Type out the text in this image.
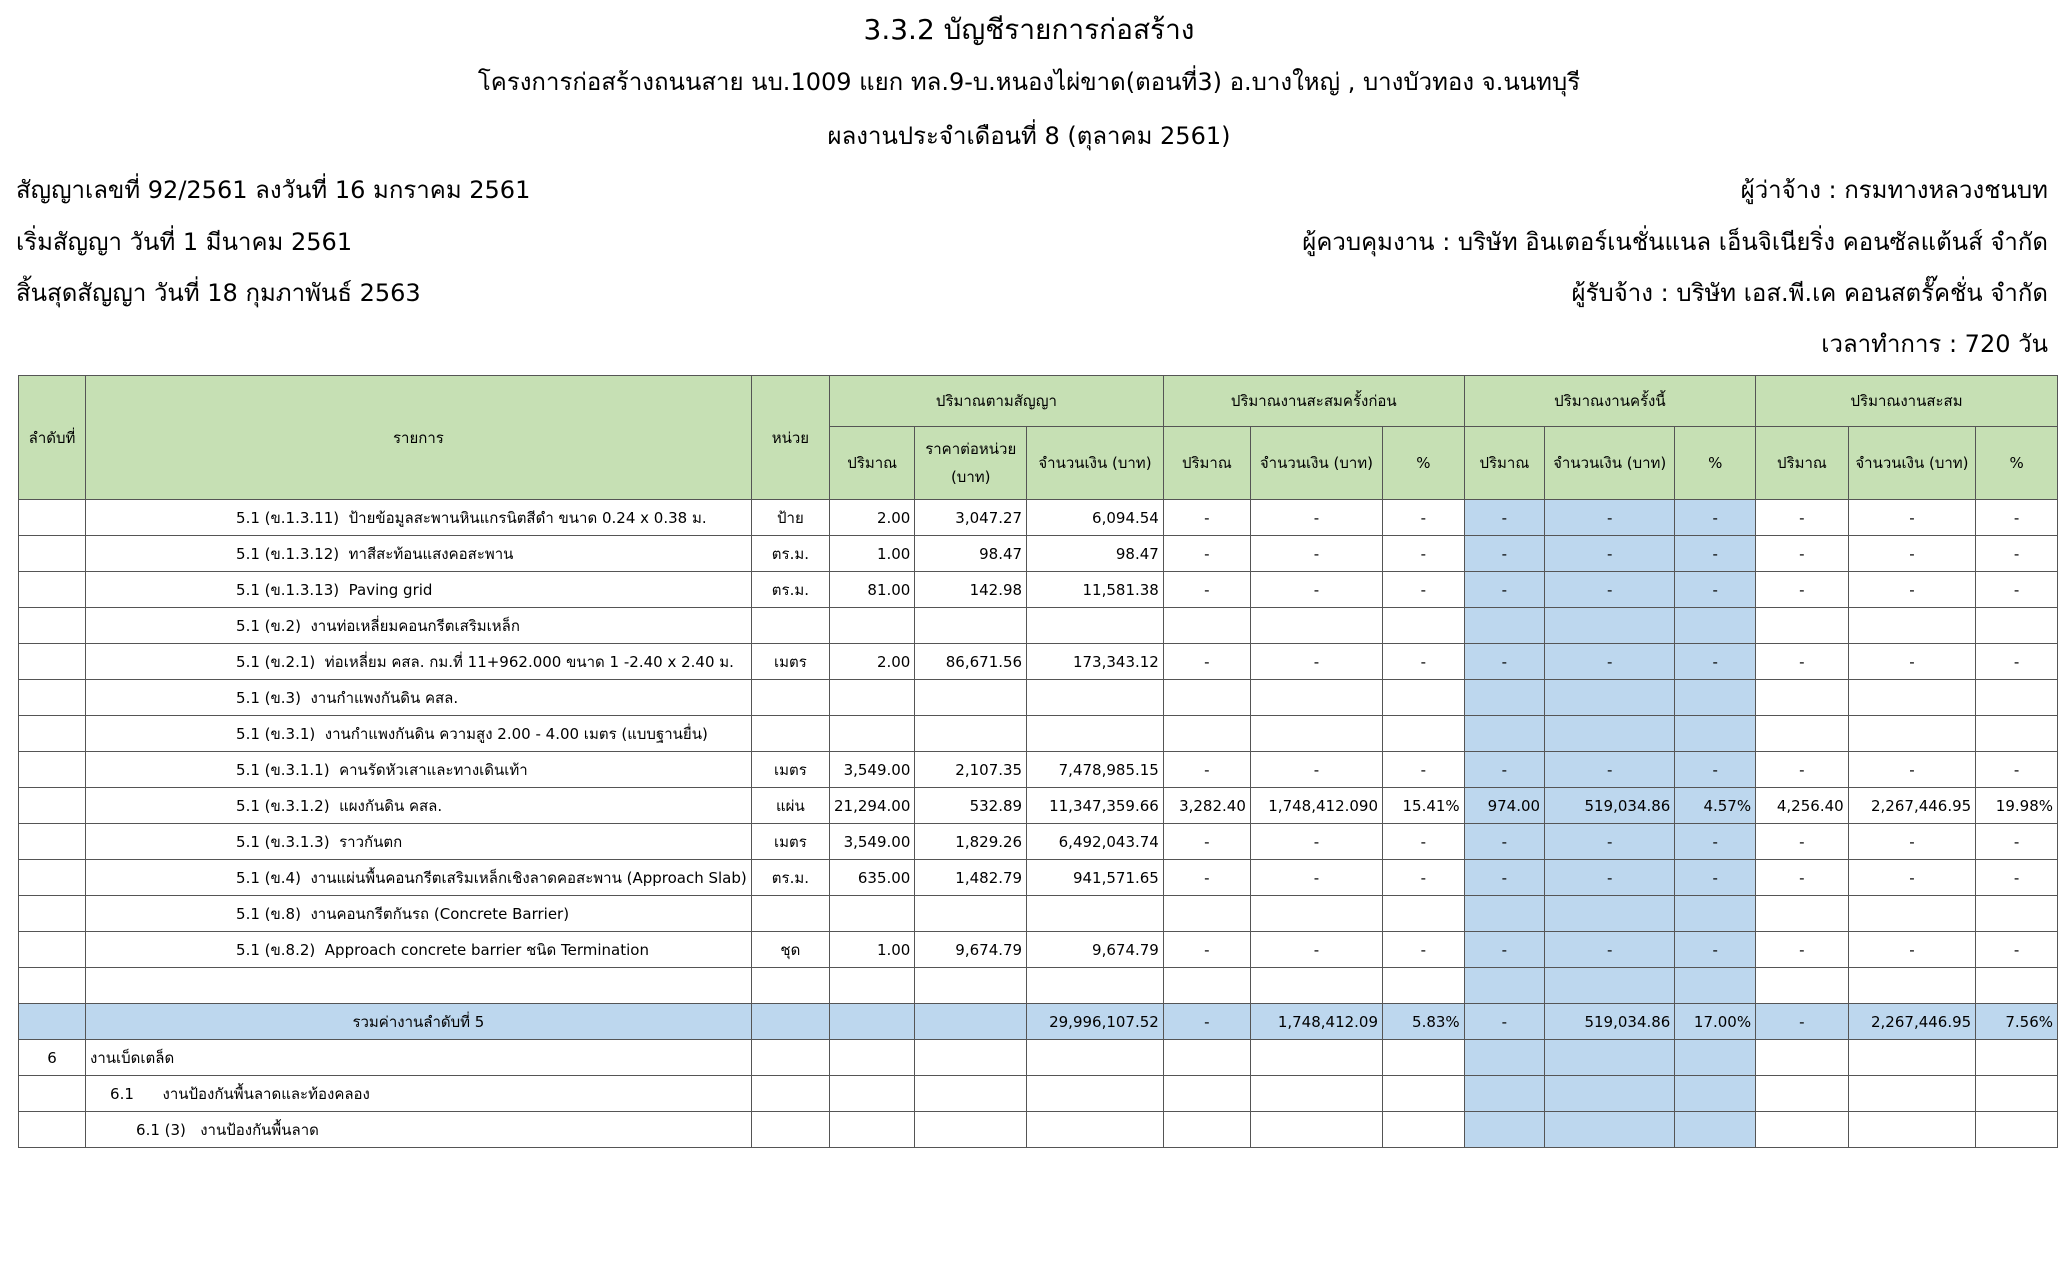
3.3.2 บัญชีรายการก่อสร้าง
โครงการก่อสร้างถนนสาย นบ.1009 แยก ทล.9-บ.หนองไผ่ขาด(ตอนที่3) อ.บางใหญ่ , บางบัวทอง จ.นนทบุรี
ผลงานประจำเดือนที่ 8 (ตุลาคม 2561)
สัญญาเลขที่ 92/2561 ลงวันที่ 16 มกราคม 2561
เริ่มสัญญา วันที่ 1 มีนาคม 2561
สิ้นสุดสัญญา วันที่ 18 กุมภาพันธ์ 2563
ผู้ว่าจ้าง : กรมทางหลวงชนบท
ผู้ควบคุมงาน : บริษัท อินเตอร์เนชั่นแนล เอ็นจิเนียริ่ง คอนซัลแต้นส์ จำกัด
ผู้รับจ้าง : บริษัท เอส.พี.เค คอนสตรั๊คชั่น จำกัด
เวลาทำการ : 720 วัน
ลำดับที่	รายการ	หน่วย	ปริมาณตามสัญญา			ปริมาณงานสะสมครั้งก่อน			ปริมาณงานครั้งนี้			ปริมาณงานสะสม		
			ปริมาณ	ราคาต่อหน่วย (บาท)	จำนวนเงิน (บาท)	ปริมาณ	จำนวนเงิน (บาท)	%	ปริมาณ	จำนวนเงิน (บาท)	%	ปริมาณ	จำนวนเงิน (บาท)	%
	5.1 (ข.1.3.11) ป้ายข้อมูลสะพานหินแกรนิตสีดำ ขนาด 0.24 x 0.38 ม.	ป้าย	2.00	3,047.27	6,094.54	-	-	-	-	-	-	-	-	-
	5.1 (ข.1.3.12) ทาสีสะท้อนแสงคอสะพาน	ตร.ม.	1.00	98.47	98.47	-	-	-	-	-	-	-	-	-
	5.1 (ข.1.3.13) Paving grid	ตร.ม.	81.00	142.98	11,581.38	-	-	-	-	-	-	-	-	-
	5.1 (ข.2) งานท่อเหลี่ยมคอนกรีตเสริมเหล็ก													
	5.1 (ข.2.1) ท่อเหลี่ยม คสล. กม.ที่ 11+962.000 ขนาด 1 -2.40 x 2.40 ม.	เมตร	2.00	86,671.56	173,343.12	-	-	-	-	-	-	-	-	-
	5.1 (ข.3) งานกำแพงกันดิน คสล.													
	5.1 (ข.3.1) งานกำแพงกันดิน ความสูง 2.00 - 4.00 เมตร (แบบฐานยื่น)													
	5.1 (ข.3.1.1) คานรัดหัวเสาและทางเดินเท้า	เมตร	3,549.00	2,107.35	7,478,985.15	-	-	-	-	-	-	-	-	-
	5.1 (ข.3.1.2) แผงกันดิน คสล.	แผ่น	21,294.00	532.89	11,347,359.66	3,282.40	1,748,412.090	15.41%	974.00	519,034.86	4.57%	4,256.40	2,267,446.95	19.98%
	5.1 (ข.3.1.3) ราวกันตก	เมตร	3,549.00	1,829.26	6,492,043.74	-	-	-	-	-	-	-	-	-
	5.1 (ข.4) งานแผ่นพื้นคอนกรีตเสริมเหล็กเชิงลาดคอสะพาน (Approach Slab)	ตร.ม.	635.00	1,482.79	941,571.65	-	-	-	-	-	-	-	-	-
	5.1 (ข.8) งานคอนกรีตกันรถ (Concrete Barrier)													
	5.1 (ข.8.2) Approach concrete barrier ชนิด Termination	ชุด	1.00	9,674.79	9,674.79	-	-	-	-	-	-	-	-	-

	รวมค่างานลำดับที่ 5				29,996,107.52	-	1,748,412.09	5.83%	-	519,034.86	17.00%	-	2,267,446.95	7.56%
6	งานเบ็ดเตล็ด													
	6.1 งานป้องกันพื้นลาดและท้องคลอง													
	6.1 (3) งานป้องกันพื้นลาด													
